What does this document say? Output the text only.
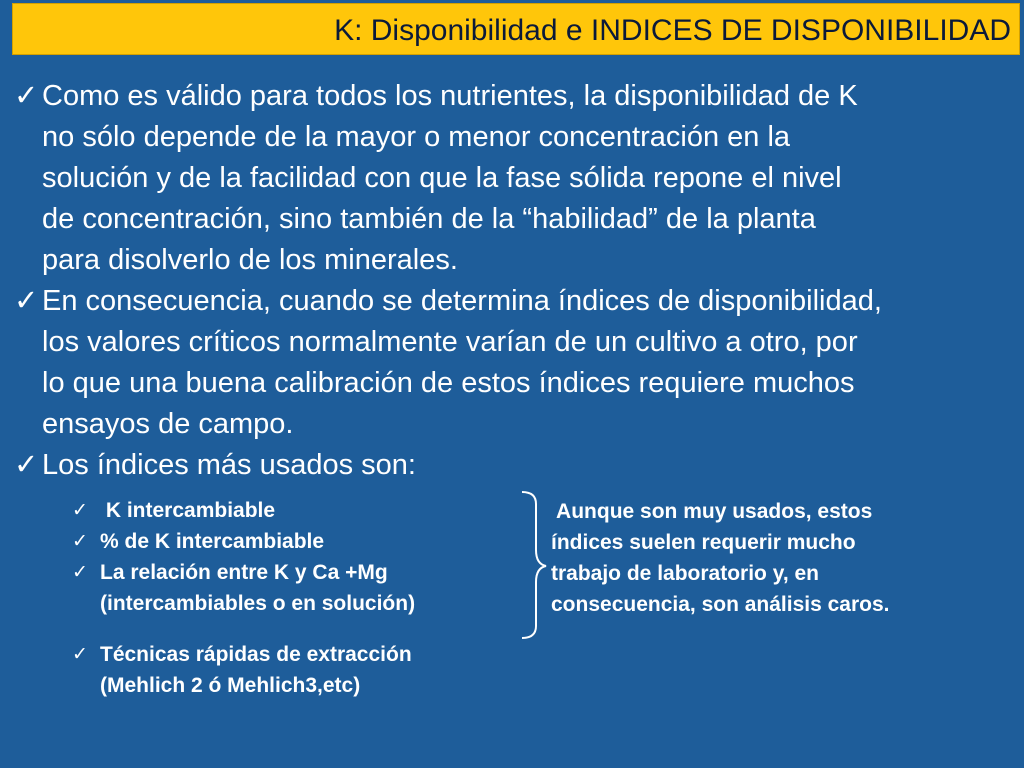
K: Disponibilidad e INDICES DE DISPONIBILIDAD
✓ Como es válido para todos los nutrientes, la disponibilidad de K
no sólo depende de la mayor o menor concentración en la
solución y de la facilidad con que la fase sólida repone el nivel
de concentración, sino también de la “habilidad” de la planta
para disolverlo de los minerales.
✓ En consecuencia, cuando se determina índices de disponibilidad,
los valores críticos normalmente varían de un cultivo a otro, por
lo que una buena calibración de estos índices requiere muchos
ensayos de campo.
✓ Los índices más usados son:
✓ K intercambiable
✓ % de K intercambiable
✓ La relación entre K y Ca +Mg
(intercambiables o en solución)
✓ Técnicas rápidas de extracción
(Mehlich 2 ó Mehlich3,etc)
Aunque son muy usados, estos
índices suelen requerir mucho
trabajo de laboratorio y, en
consecuencia, son análisis caros.
